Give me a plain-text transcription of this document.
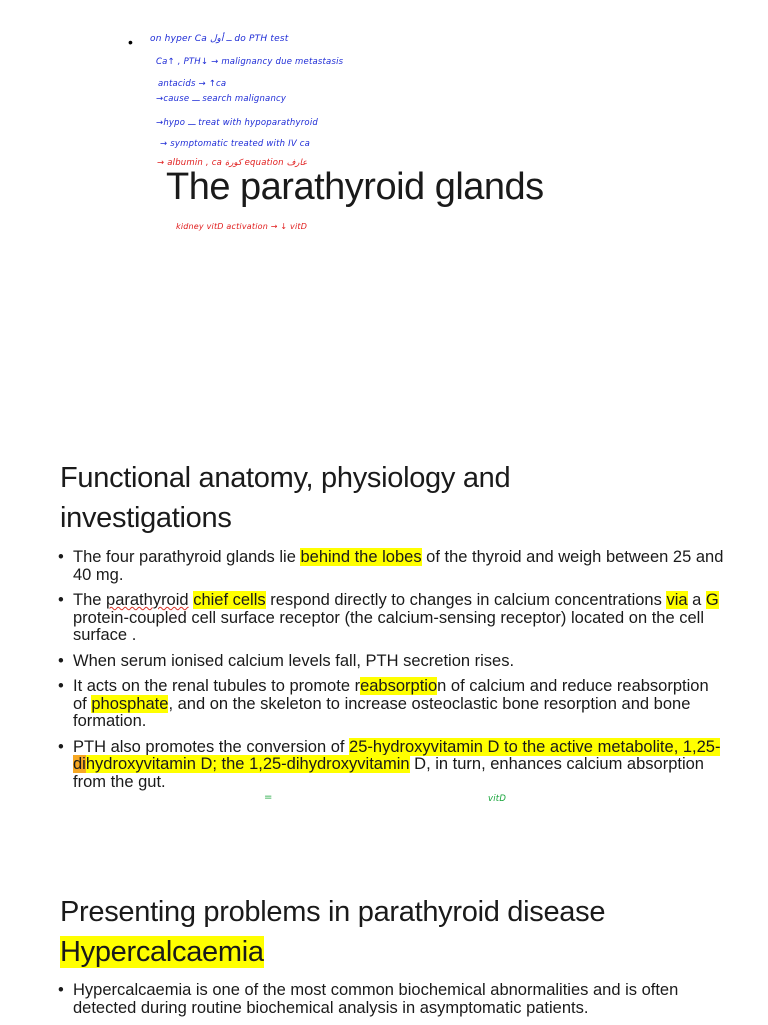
• on hyper Ca ــ أول do PTH test
Ca↑ , PTH↓ → malignancy due metastasis
antacids → ↑ca
→cause ـــ search malignancy
→hypo ـــ treat with hypoparathyroid
→ symptomatic treated with IV ca
→ albumin , ca كورة equation عارف
The parathyroid glands
kidney vitD activation → ↓ vitD
Functional anatomy, physiology and
investigations
• The four parathyroid glands lie behind the lobes of the thyroid and weigh between 25 and 40 mg.
• The parathyroid chief cells respond directly to changes in calcium concentrations via a G protein-coupled cell surface receptor (the calcium-sensing receptor) located on the cell surface .
• When serum ionised calcium levels fall, PTH secretion rises.
• It acts on the renal tubules to promote reabsorption of calcium and reduce reabsorption of phosphate, and on the skeleton to increase osteoclastic bone resorption and bone formation.
• PTH also promotes the conversion of 25-hydroxyvitamin D to the active metabolite, 1,25-dihydroxyvitamin D; the 1,25-dihydroxyvitamin D, in turn, enhances calcium absorption from the gut.
=	vitD
Presenting problems in parathyroid disease
Hypercalcaemia
• Hypercalcaemia is one of the most common biochemical abnormalities and is often detected during routine biochemical analysis in asymptomatic patients.
